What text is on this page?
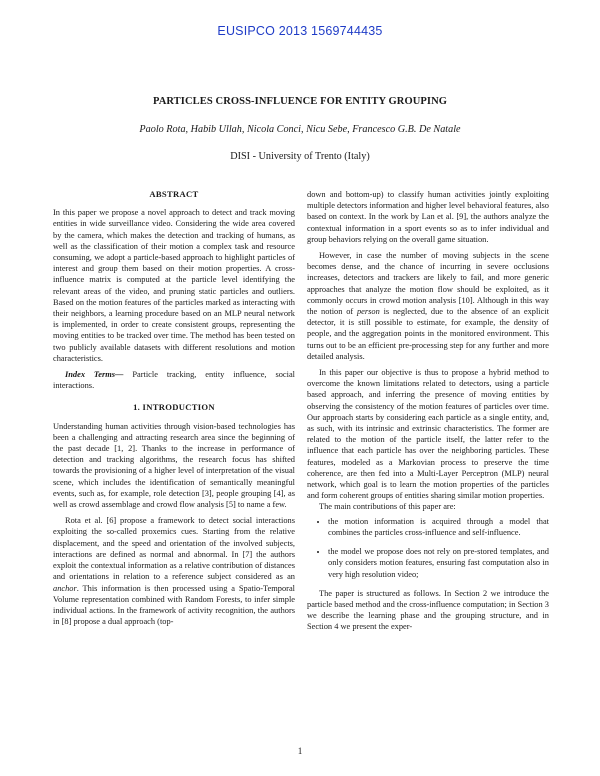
EUSIPCO 2013 1569744435
PARTICLES CROSS-INFLUENCE FOR ENTITY GROUPING
Paolo Rota, Habib Ullah, Nicola Conci, Nicu Sebe, Francesco G.B. De Natale
DISI - University of Trento (Italy)
ABSTRACT

In this paper we propose a novel approach to detect and track moving entities in wide surveillance video. Considering the wide area covered by the camera, which makes the detection and tracking of humans, as well as the classification of their motion a complex task and resource consuming, we adopt a particle-based approach to highlight particles of interest and group them based on their motion properties. A cross-influence matrix is computed at the particle level identifying the relevant areas of the video, and pruning static particles and outliers. Based on the motion features of the particles marked as interacting with their neighbors, a learning procedure based on an MLP neural network is implemented, in order to create consistent groups, representing the moving entities to be tracked over time. The method has been tested on two publicly available datasets with different resolutions and motion characteristics.

Index Terms— Particle tracking, entity influence, social interactions.

1. INTRODUCTION

Understanding human activities through vision-based technologies has been a challenging and attracting research area since the beginning of the past decade [1, 2]. Thanks to the increase in performance of detection and tracking algorithms, the research focus has shifted towards the provisioning of a higher level of interpretation of the visual scene, which includes the identification of semantically meaningful events, such as, for example, role detection [3], people grouping [4], as well as crowd assemblage and crowd flow analysis [5] to name a few.

Rota et al. [6] propose a framework to detect social interactions exploiting the so-called proxemics cues. Starting from the relative displacement, and the speed and orientation of the involved subjects, interactions are defined as normal and abnormal. In [7] the authors exploit the contextual information as a relative contribution of distances and orientations in relation to a reference subject considered as an anchor. This information is then processed using a Spatio-Temporal Volume representation combined with Random Forests, to infer simple individual actions. In the framework of activity recognition, the authors in [8] propose a dual approach (top-

down and bottom-up) to classify human activities jointly exploiting multiple detectors information and higher level behavioral features, also based on context. In the work by Lan et al. [9], the authors analyze the contextual information in a sport events so as to infer individual and group behaviors relying on the overall game situation.

However, in case the number of moving subjects in the scene becomes dense, and the chance of incurring in severe occlusions increases, detectors and trackers are likely to fail, and more generic approaches that analyze the motion flow should be exploited, as it commonly occurs in crowd motion analysis [10]. Although in this way the notion of person is neglected, due to the absence of an explicit detector, it is still possible to estimate, for example, the density of people, and the aggregation points in the monitored environment. This turns out to be an efficient pre-processing step for any further and more detailed analysis.

In this paper our objective is thus to propose a hybrid method to overcome the known limitations related to detectors, using a particle based approach, and inferring the presence of moving entities by observing the consistency of the motion features of particles over time. Our approach starts by considering each particle as a single entity, and, as such, with its intrinsic and extrinsic characteristics. The former are related to the motion of the particle itself, the latter refer to the influence that each particle has over the neighboring particles. These features, modeled as a Markovian process to preserve the time coherence, are then fed into a Multi-Layer Perceptron (MLP) neural network, which goal is to learn the motion properties of the particles and form coherent groups of entities sharing similar motion properties.

The main contributions of this paper are:

• the motion information is acquired through a model that combines the particles cross-influence and self-influence.
• the model we propose does not rely on pre-stored templates, and only considers motion features, ensuring fast computation also in very high resolution video;

The paper is structured as follows. In Section 2 we introduce the particle based method and the cross-influence computation; in Section 3 we describe the learning phase and the grouping structure, and in Section 4 we present the exper-

1
